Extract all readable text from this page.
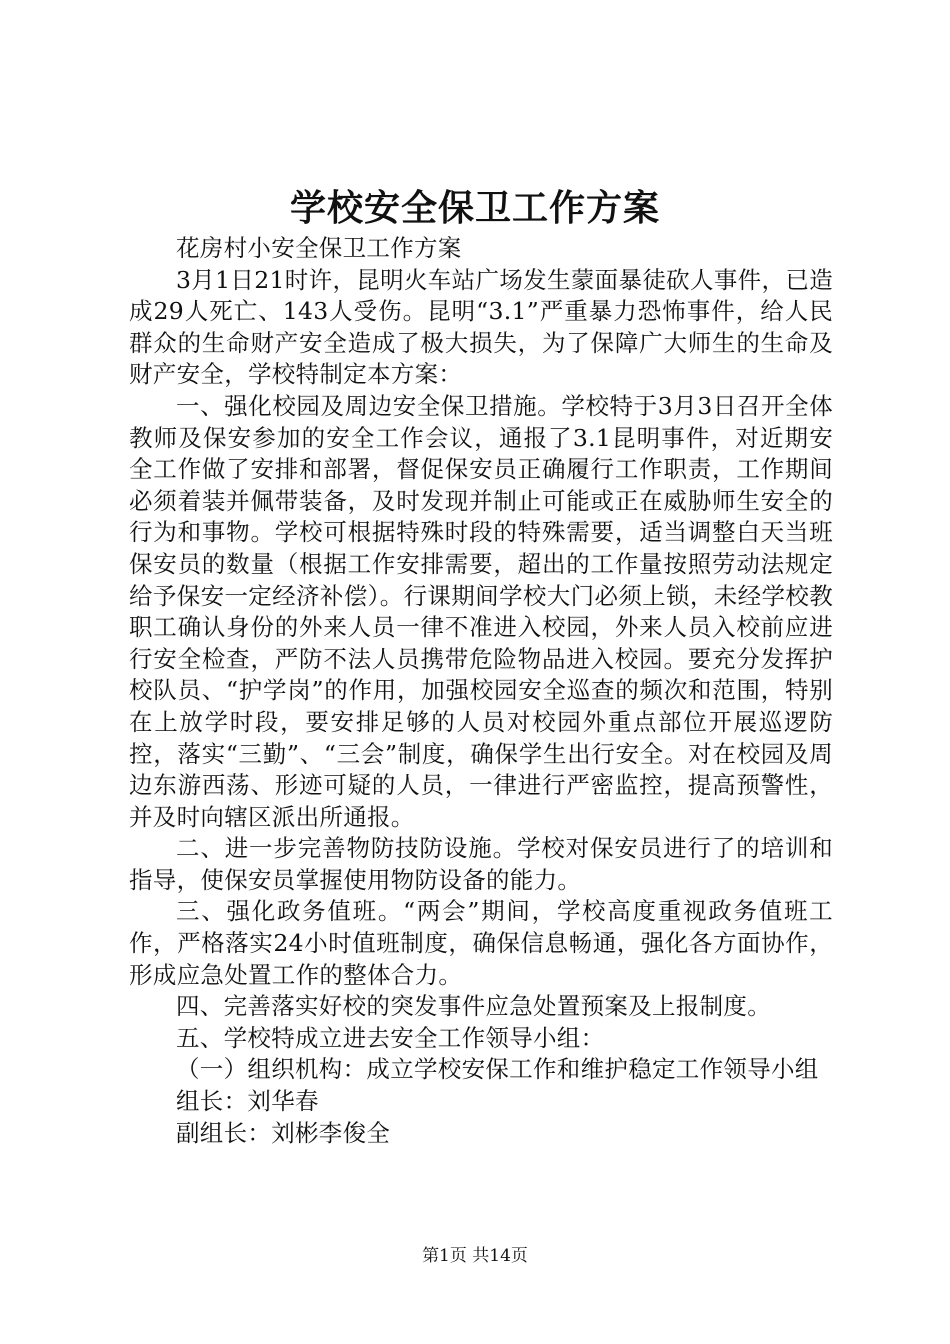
学校安全保卫工作方案

花房村小安全保卫工作方案

3月1日21时许，昆明火车站广场发生蒙面暴徒砍人事件，已造成29人死亡、143人受伤。昆明“3.1”严重暴力恐怖事件，给人民群众的生命财产安全造成了极大损失，为了保障广大师生的生命及财产安全，学校特制定本方案：

一、强化校园及周边安全保卫措施。学校特于3月3日召开全体教师及保安参加的安全工作会议，通报了3.1昆明事件，对近期安全工作做了安排和部署，督促保安员正确履行工作职责，工作期间必须着装并佩带装备，及时发现并制止可能或正在威胁师生安全的行为和事物。学校可根据特殊时段的特殊需要，适当调整白天当班保安员的数量（根据工作安排需要，超出的工作量按照劳动法规定给予保安一定经济补偿）。行课期间学校大门必须上锁，未经学校教职工确认身份的外来人员一律不准进入校园，外来人员入校前应进行安全检查，严防不法人员携带危险物品进入校园。要充分发挥护校队员、“护学岗”的作用，加强校园安全巡查的频次和范围，特别在上放学时段，要安排足够的人员对校园外重点部位开展巡逻防控，落实“三勤”、“三会”制度，确保学生出行安全。对在校园及周边东游西荡、形迹可疑的人员，一律进行严密监控，提高预警性，并及时向辖区派出所通报。

二、进一步完善物防技防设施。学校对保安员进行了的培训和指导，使保安员掌握使用物防设备的能力。

三、强化政务值班。“两会”期间，学校高度重视政务值班工作，严格落实24小时值班制度，确保信息畅通，强化各方面协作，形成应急处置工作的整体合力。

四、完善落实好校的突发事件应急处置预案及上报制度。

五、学校特成立进去安全工作领导小组：

（一）组织机构：成立学校安保工作和维护稳定工作领导小组

组长：刘华春

副组长：刘彬李俊全

第1页 共14页
